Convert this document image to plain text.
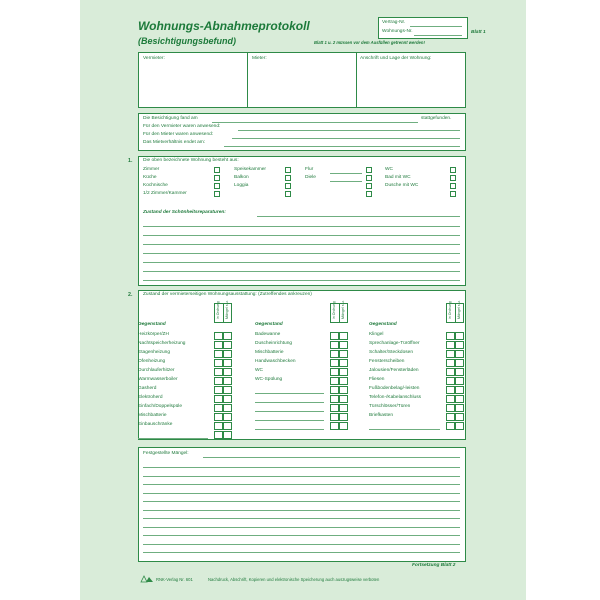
Wohnungs-Abnahmeprotokoll
(Besichtigungsbefund)
Vertrag-Nr.
Wohnungs-Nr.	Blatt 1
Blatt 1 u. 2 müssen vor dem Ausfüllen getrennt werden!
Vermieter:	Mieter:	Anschrift und Lage der Wohnung:
Die Besichtigung fand am	stattgefunden.
Für den Vermieter waren anwesend:
Für den Mieter waren anwesend:
Das Mietverhältnis endet am:
1. Die oben bezeichnete Wohnung besteht aus:
Zimmer
Küche
Kochnische
1/2 Zimmer/Kammer
Speisekammer
Balkon
Loggia
Flur
Diele
WC
Bad mit WC
Dusche mit WC
Zustand der Schönheitsreparaturen:
2. Zustand der vermieterseitigen Wohnungsausstattung: (Zutreffendes ankreuzen)
in Ordnung Mängel s.u.
Gegenstand
Heizkörper/ZH
Nachtspeicherheizung
Etagenheizung
Ofenheizung
Durchlauferhitzer
Warmwasserboiler
Gasherd
Elektroherd
Einfach/Doppelspüle
Mischbatterie
Einbauschränke
in Ordnung Mängel s.u.
Gegenstand
Badewanne
Duscheinrichtung
Mischbatterie
Handwaschbecken
WC
WC-Spülung
in Ordnung Mängel s.u.
Gegenstand
Klingel
Sprechanlage-Türöffner
Schalter/Steckdosen
Fensterscheiben
Jalousien/Fensterläden
Fliesen
Fußbodenbelag/-leisten
Telefon-/Kabelanschluss
Türschlösser/Türen
Briefkasten
Festgestellte Mängel:
Fortsetzung Blatt 2
RNK-Verlag Nr. 601	Nachdruck, Abschrift, Kopieren und elektronische Speicherung auch auszugsweise verboten
